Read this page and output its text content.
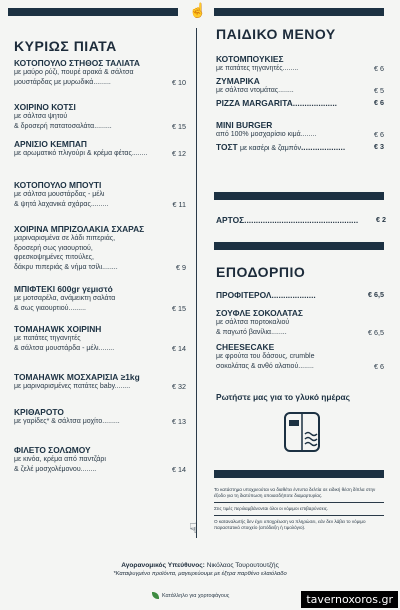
☝
☟
ΚΥΡΙΩΣ ΠΙΑΤΑ
ΚΟΤΟΠΟΥΛΟ ΣΤΗΘΟΣ ΤΑΛΙΑΤΑ
με μαύρο ρύζι, πουρέ αρακά & σάλτσα
μουστάρδας με μυρωδικά.........	€ 10
ΧΟΙΡΙΝΟ ΚΟΤΣΙ
με σάλτσα ψητού
& δροσερή πατατοσαλάτα.........	€ 15
ΑΡΝΙΣΙΟ ΚΕΜΠΑΠ
με αρωματικό πλιγούρι & κρέμα φέτας........	€ 12
ΚΟΤΟΠΟΥΛΟ ΜΠΟΥΤΙ
με σάλτσα μουστάρδας - μέλι
& ψητά λαχανικά σχάρας.........	€ 11
ΧΟΙΡΙΝΑ ΜΠΡΙΖΟΛΑΚΙΑ ΣΧΑΡΑΣ
μαριναρισμένα σε λάδι πιπεριάς,
δροσερή σως γιαουρτιού,
φρεσκοψημένες πιτούλες,
δάκρυ πιπεριάς & νήμα τσίλι........	€ 9
ΜΠΙΦΤΕΚΙ 600gr γεμιστό
με μοτσαρέλα, ανάμεικτη σαλάτα
& σως γιαουρτιού.........	€ 15
ΤΟΜΑΗΑWΚ ΧΟΙΡΙΝΗ
με πατάτες τηγανητές
& σάλτσα μουστάρδα - μέλι........	€ 14
ΤΟΜΑΗΑWΚ ΜΟΣΧΑΡΙΣΙΑ ≥1kg
με μαριναρισμένες πατάτες baby........	€ 32
ΚΡΙΘΑΡΟΤΟ
με γαρίδες* & σάλτσα μοχίτο.........	€ 13
ΦΙΛΕΤΟ ΣΟΛΩΜΟΥ
με κινόα, κρέμα από παντζάρι
& ζελέ μοσχολέμονου........	€ 14
ΠΑΙΔΙΚΟ ΜΕΝΟΥ
ΚΟΤΟΜΠΟΥΚΙΕΣ
με πατάτες τηγανητές........	€ 6
ΖΥΜΑΡΙΚΑ
με σάλτσα ντομάτας........	€ 5
PIZZA MARGARITA...................	€ 6
MINI BURGER
από 100% μοσχαρίσιο κιμά........	€ 6
ΤΟΣΤ με κασέρι & ζαμπόν...................	€ 3
ΑΡΤΟΣ................................................. € 2
ΕΠΟΔΟΡΠΙΟ
ΠΡΟΦΙΤΕΡΟΛ...................	€ 6,5
ΣΟΥΦΛΕ ΣΟΚΟΛΑΤΑΣ
με σάλτσα πορτοκαλιού
& παγωτό βανίλια........	€ 6,5
CHEESECAKE
με φρούτα του δάσους, crumble
σοκολάτας & ανθό αλατιού........	€ 6
Ρωτήστε μας για το γλυκό ημέρας

Το κατάστημα υποχρεούται να διαθέτει έντυπα δελτία σε ειδική θέση δίπλα στην έξοδο για τη διατύπωση οποιασδήποτε διαμαρτυρίας.

Στις τιμές περιλαμβάνονται όλοι οι νόμιμοι επιβαρύνσεις.

Ο καταναλωτής δεν έχει υποχρέωση να πληρώσει, εάν δεν λάβει το νόμιμο παραστατικό στοιχείο (απόδειξη ή τιμολόγιο).

Αγορανομικός Υπεύθυνος: Νικόλαος Τουρουτουτζής
*Καταψυγμένο προϊόντα, μαγειρεύουμε με έξτρα παρθένο ελαιόλαδο
Κατάλληλο για χορτοφάγους	tavernoxoros.gr
